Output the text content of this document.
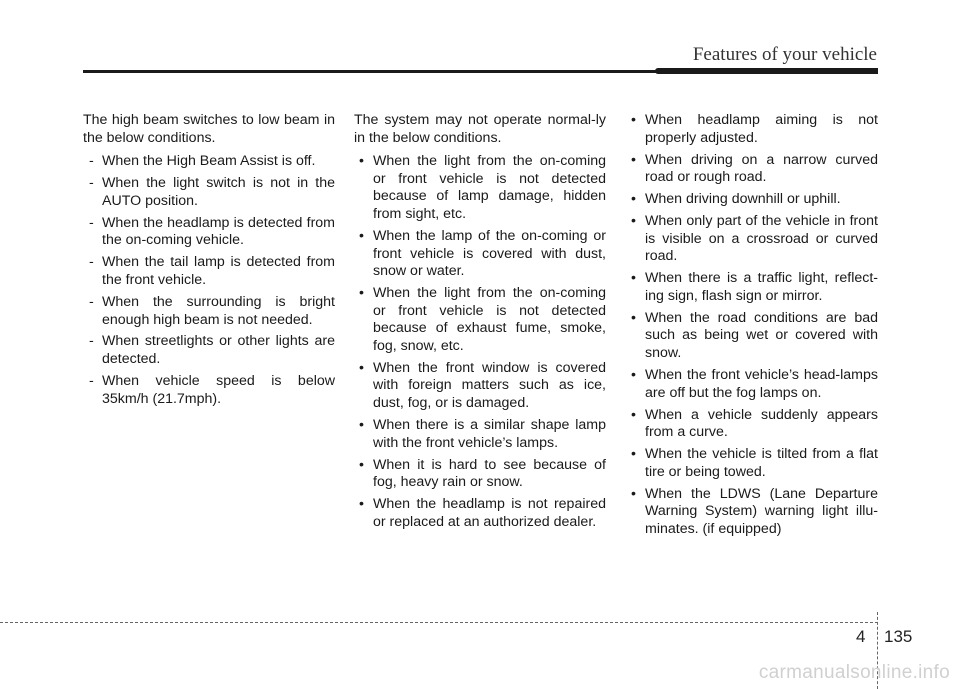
Features of your vehicle

The high beam switches to low beam in the below conditions.

- When the High Beam Assist is off.
- When the light switch is not in the AUTO position.
- When the headlamp is detected from the on-coming vehicle.
- When the tail lamp is detected from the front vehicle.
- When the surrounding is bright enough high beam is not needed.
- When streetlights or other lights are detected.
- When vehicle speed is below 35km/h (21.7mph).

The system may not operate normal-ly in the below conditions.

• When the light from the on-coming or front vehicle is not detected because of lamp damage, hidden from sight, etc.
• When the lamp of the on-coming or front vehicle is covered with dust, snow or water.
• When the light from the on-coming or front vehicle is not detected because of exhaust fume, smoke, fog, snow, etc.
• When the front window is covered with foreign matters such as ice, dust, fog, or is damaged.
• When there is a similar shape lamp with the front vehicle’s lamps.
• When it is hard to see because of fog, heavy rain or snow.
• When the headlamp is not repaired or replaced at an authorized dealer.
• When headlamp aiming is not properly adjusted.
• When driving on a narrow curved road or rough road.
• When driving downhill or uphill.
• When only part of the vehicle in front is visible on a crossroad or curved road.
• When there is a traffic light, reflect-ing sign, flash sign or mirror.
• When the road conditions are bad such as being wet or covered with snow.
• When the front vehicle’s head-lamps are off but the fog lamps on.
• When a vehicle suddenly appears from a curve.
• When the vehicle is tilted from a flat tire or being towed.
• When the LDWS (Lane Departure Warning System) warning light illu-minates. (if equipped)
4 135
carmanualsonline.info
